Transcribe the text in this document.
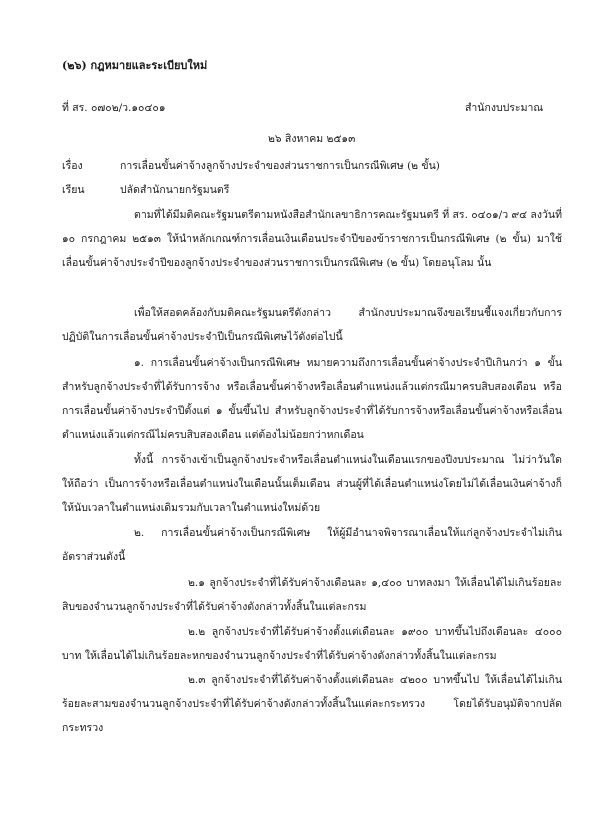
(๒๖) กฎหมายและระเบียบใหม่
ที่ สร. ๐๗๐๒/ว.๑๐๔๐๑	สำนักงบประมาณ
๒๖ สิงหาคม ๒๕๑๓
เรื่อง	การเลื่อนขั้นค่าจ้างลูกจ้างประจำของส่วนราชการเป็นกรณีพิเศษ (๒ ขั้น)
เรียน	ปลัดสำนักนายกรัฐมนตรี
ตามที่ได้มีมติคณะรัฐมนตรีตามหนังสือสำนักเลขาธิการคณะรัฐมนตรี ที่ สร. ๐๔๐๑/ว ๙๔ ลงวันที่ ๑๐ กรกฎาคม ๒๕๑๓ ให้นำหลักเกณฑ์การเลื่อนเงินเดือนประจำปีของข้าราชการเป็นกรณีพิเศษ (๒ ขั้น) มาใช้เลื่อนขั้นค่าจ้างประจำปีของลูกจ้างประจำของส่วนราชการเป็นกรณีพิเศษ (๒ ขั้น) โดยอนุโลม นั้น
เพื่อให้สอดคล้องกับมติคณะรัฐมนตรีดังกล่าว สำนักงบประมาณจึงขอเรียนชี้แจงเกี่ยวกับการปฏิบัติในการเลื่อนขั้นค่าจ้างประจำปีเป็นกรณีพิเศษไว้ดังต่อไปนี้
๑. การเลื่อนขั้นค่าจ้างเป็นกรณีพิเศษ หมายความถึงการเลื่อนขั้นค่าจ้างประจำปีเกินกว่า ๑ ขั้น สำหรับลูกจ้างประจำที่ได้รับการจ้าง หรือเลื่อนขั้นค่าจ้างหรือเลื่อนตำแหน่งแล้วแต่กรณีมาครบสิบสองเดือน หรือการเลื่อนขั้นค่าจ้างประจำปีตั้งแต่ ๑ ขั้นขึ้นไป สำหรับลูกจ้างประจำที่ได้รับการจ้างหรือเลื่อนขั้นค่าจ้างหรือเลื่อนตำแหน่งแล้วแต่กรณีไม่ครบสิบสองเดือน แต่ต้องไม่น้อยกว่าหกเดือน
ทั้งนี้ การจ้างเข้าเป็นลูกจ้างประจำหรือเลื่อนตำแหน่งในเดือนแรกของปีงบประมาณ ไม่ว่าวันใดให้ถือว่า เป็นการจ้างหรือเลื่อนตำแหน่งในเดือนนั้นเต็มเดือน ส่วนผู้ที่ได้เลื่อนตำแหน่งโดยไม่ได้เลื่อนเงินค่าจ้างก็ให้นับเวลาในตำแหน่งเดิมรวมกับเวลาในตำแหน่งใหม่ด้วย
๒. การเลื่อนขั้นค่าจ้างเป็นกรณีพิเศษ ให้ผู้มีอำนาจพิจารณาเลื่อนให้แก่ลูกจ้างประจำไม่เกินอัตราส่วนดังนี้
๒.๑ ลูกจ้างประจำที่ได้รับค่าจ้างเดือนละ ๑,๔๐๐ บาทลงมา ให้เลื่อนได้ไม่เกินร้อยละสิบของจำนวนลูกจ้างประจำที่ได้รับค่าจ้างดังกล่าวทั้งสิ้นในแต่ละกรม
๒.๒ ลูกจ้างประจำที่ได้รับค่าจ้างตั้งแต่เดือนละ ๑๙๐๐ บาทขึ้นไปถึงเดือนละ ๔๐๐๐ บาท ให้เลื่อนได้ไม่เกินร้อยละหกของจำนวนลูกจ้างประจำที่ได้รับค่าจ้างดังกล่าวทั้งสิ้นในแต่ละกรม
๒.๓ ลูกจ้างประจำที่ได้รับค่าจ้างตั้งแต่เดือนละ ๔๒๐๐ บาทขึ้นไป ให้เลื่อนได้ไม่เกินร้อยละสามของจำนวนลูกจ้างประจำที่ได้รับค่าจ้างดังกล่าวทั้งสิ้นในแต่ละกระทรวง โดยได้รับอนุมัติจากปลัดกระทรวง
